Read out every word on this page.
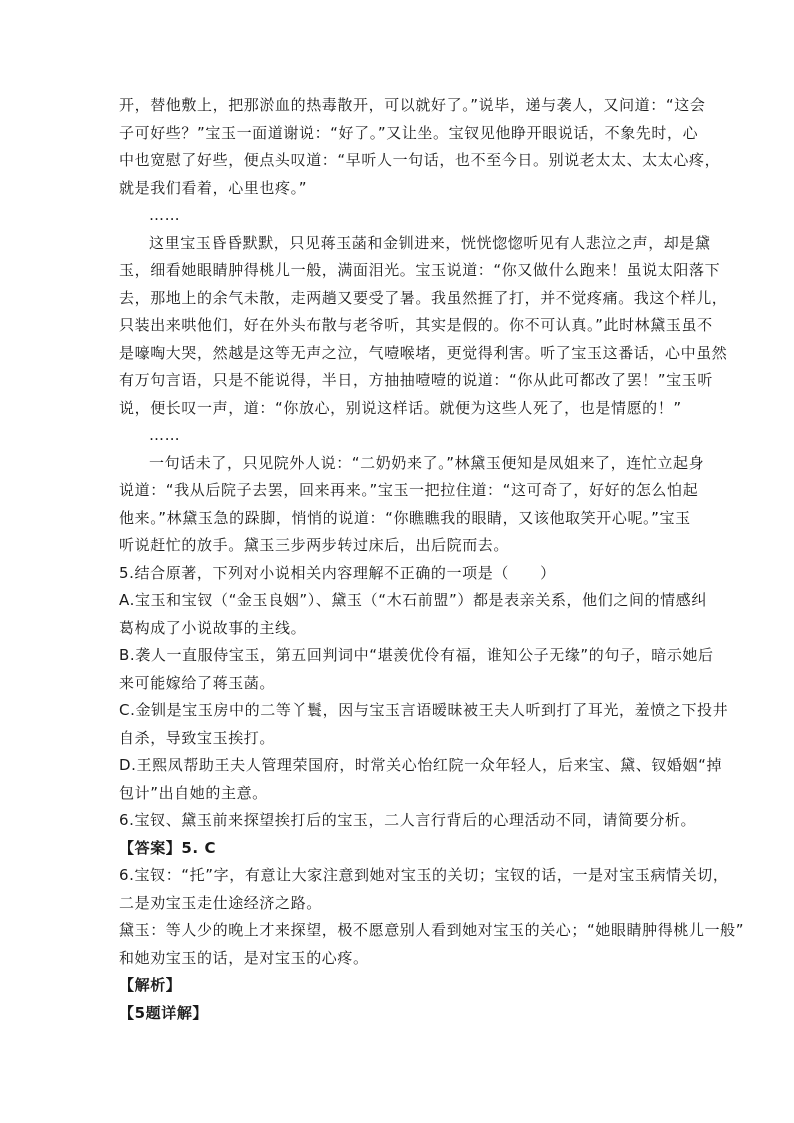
开，替他敷上，把那淤血的热毒散开，可以就好了。”说毕，递与袭人，又问道：“这会
子可好些？”宝玉一面道谢说：“好了。”又让坐。宝钗见他睁开眼说话，不象先时，心
中也宽慰了好些，便点头叹道：“早听人一句话，也不至今日。别说老太太、太太心疼，
就是我们看着，心里也疼。”
……
这里宝玉昏昏默默，只见蒋玉菡和金钏进来，恍恍惚惚听见有人悲泣之声，却是黛
玉，细看她眼睛肿得桃儿一般，满面泪光。宝玉说道：“你又做什么跑来！虽说太阳落下
去，那地上的余气未散，走两趟又要受了暑。我虽然捱了打，并不觉疼痛。我这个样儿，
只装出来哄他们，好在外头布散与老爷听，其实是假的。你不可认真。”此时林黛玉虽不
是嚎啕大哭，然越是这等无声之泣，气噎喉堵，更觉得利害。听了宝玉这番话，心中虽然
有万句言语，只是不能说得，半日，方抽抽噎噎的说道：“你从此可都改了罢！”宝玉听
说，便长叹一声，道：“你放心，别说这样话。就便为这些人死了，也是情愿的！”
……
一句话未了，只见院外人说：“二奶奶来了。”林黛玉便知是凤姐来了，连忙立起身
说道：“我从后院子去罢，回来再来。”宝玉一把拉住道：“这可奇了，好好的怎么怕起
他来。”林黛玉急的跺脚，悄悄的说道：“你瞧瞧我的眼睛，又该他取笑开心呢。”宝玉
听说赶忙的放手。黛玉三步两步转过床后，出后院而去。
5.结合原著，下列对小说相关内容理解不正确的一项是（　　）
A.宝玉和宝钗（“金玉良姻”）、黛玉（“木石前盟”）都是表亲关系，他们之间的情感纠
葛构成了小说故事的主线。
B.袭人一直服侍宝玉，第五回判词中“堪羡优伶有福，谁知公子无缘”的句子，暗示她后
来可能嫁给了蒋玉菡。
C.金钏是宝玉房中的二等丫鬟，因与宝玉言语暧昧被王夫人听到打了耳光，羞愤之下投井
自杀，导致宝玉挨打。
D.王熙凤帮助王夫人管理荣国府，时常关心怡红院一众年轻人，后来宝、黛、钗婚姻“掉
包计”出自她的主意。
6.宝钗、黛玉前来探望挨打后的宝玉，二人言行背后的心理活动不同，请简要分析。
【答案】5. C
6.宝钗：“托”字，有意让大家注意到她对宝玉的关切；宝钗的话，一是对宝玉病情关切，
二是劝宝玉走仕途经济之路。
黛玉：等人少的晚上才来探望，极不愿意别人看到她对宝玉的关心；“她眼睛肿得桃儿一般”
和她劝宝玉的话，是对宝玉的心疼。
【解析】
【5题详解】
